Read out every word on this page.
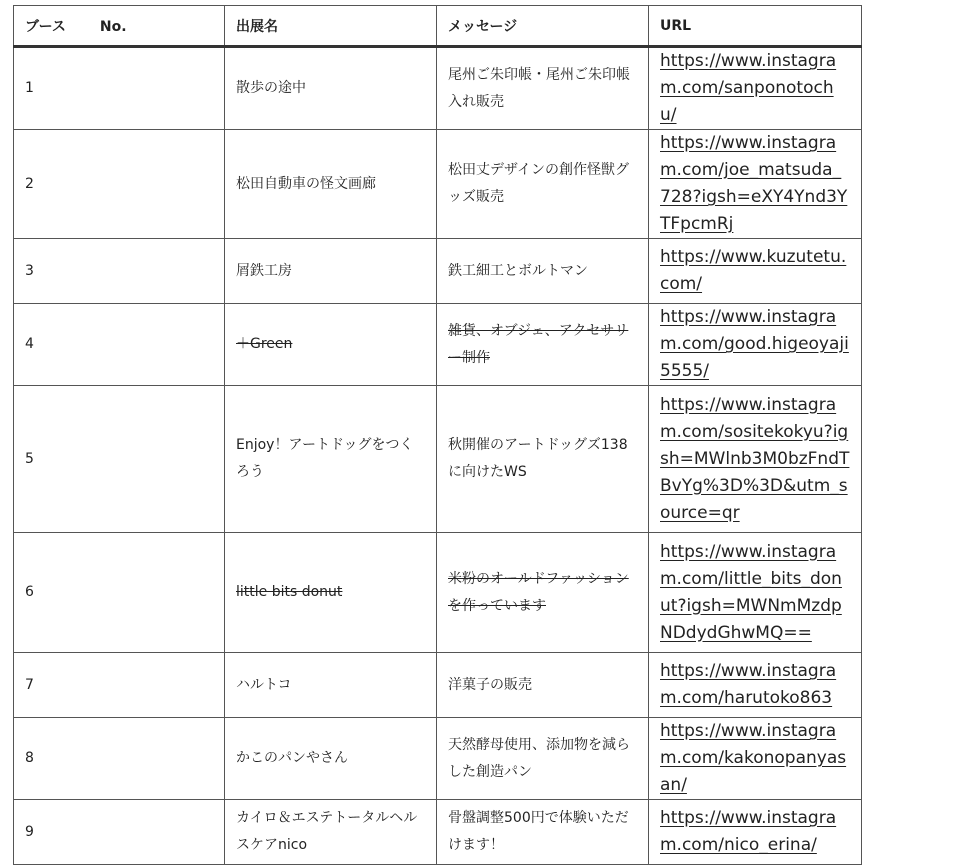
ブース No.	出展名	メッセージ	URL
1	散歩の途中	尾州ご朱印帳・尾州ご朱印帳入れ販売	https://www.instagram.com/sanponotochu/
2	松田自動車の怪文画廊	松田丈デザインの創作怪獣グッズ販売	https://www.instagram.com/joe_matsuda_728?igsh=eXY4Ynd3YTFpcmRj
3	屑鉄工房	鉄工細工とボルトマン	https://www.kuzutetu.com/
4	＋Green	雑貨、オブジェ、アクセサリー制作	https://www.instagram.com/good.higeoyaji5555/
5	Enjoy！アートドッグをつくろう	秋開催のアートドッグズ138に向けたWS	https://www.instagram.com/sositekokyu?igsh=MWlnb3M0bzFndTBvYg%3D%3D&utm_source=qr
6	little bits donut	米粉のオールドファッションを作っています	https://www.instagram.com/little_bits_donut?igsh=MWNmMzdpNDdydGhwMQ==
7	ハルトコ	洋菓子の販売	https://www.instagram.com/harutoko863
8	かこのパンやさん	天然酵母使用、添加物を減らした創造パン	https://www.instagram.com/kakonopanyasan/
9	カイロ＆エステトータルヘルスケアnico	骨盤調整500円で体験いただけます！	https://www.instagram.com/nico_erina/
